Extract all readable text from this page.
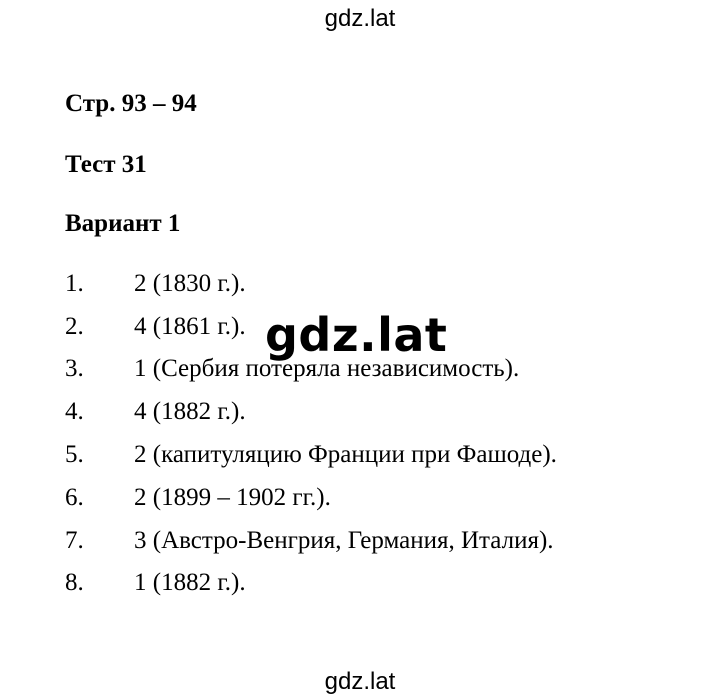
gdz.lat
Стр. 93 – 94
Тест 31
Вариант 1
1. 2 (1830 г.).
2. 4 (1861 г.).
3. 1 (Сербия потеряла независимость).
4. 4 (1882 г.).
5. 2 (капитуляцию Франции при Фашоде).
6. 2 (1899 – 1902 гг.).
7. 3 (Австро-Венгрия, Германия, Италия).
8. 1 (1882 г.).
gdz.lat
gdz.lat
